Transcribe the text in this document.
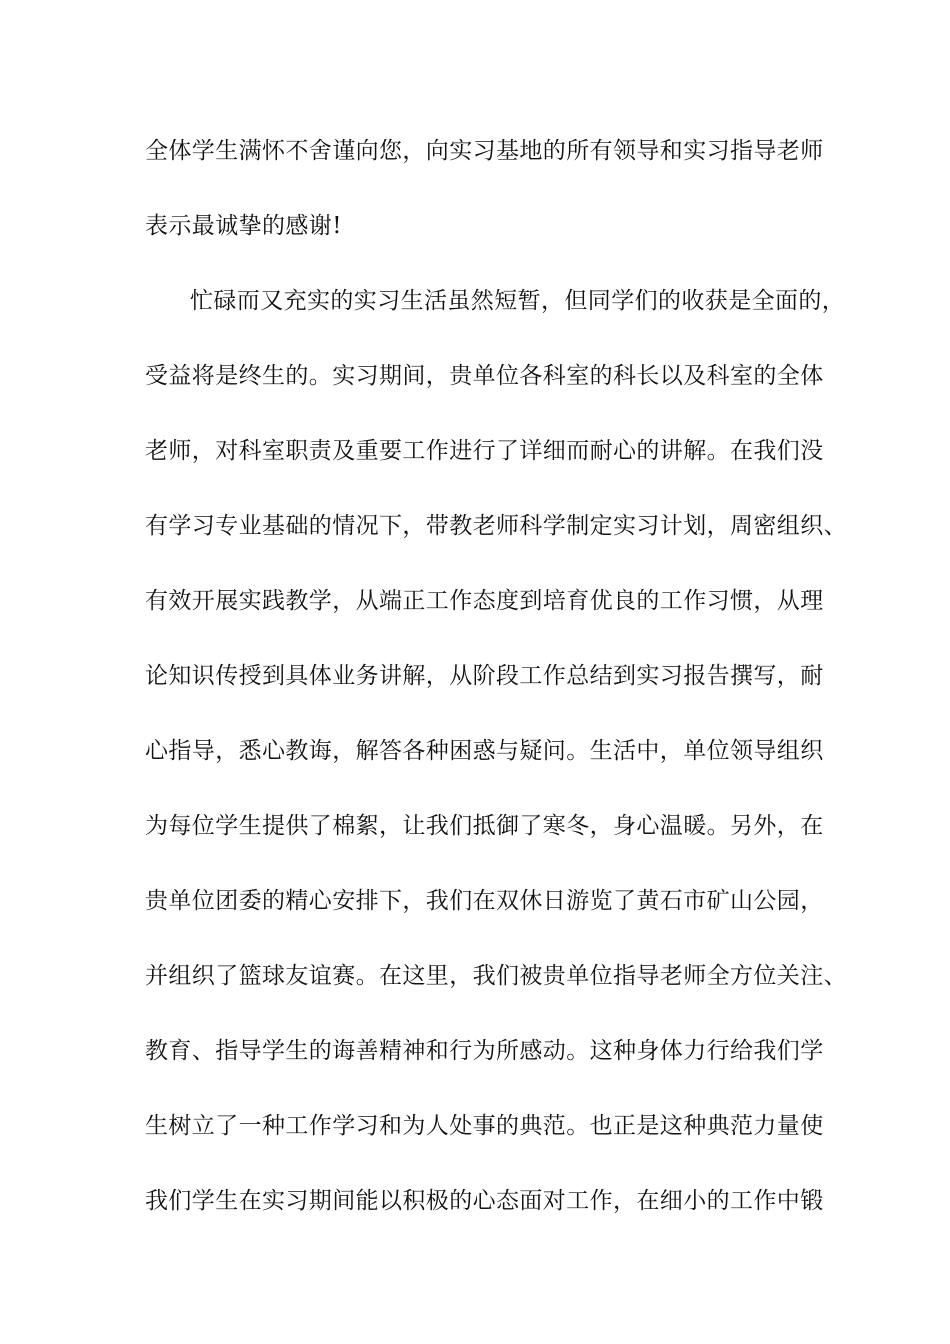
全体学生满怀不舍谨向您，向实习基地的所有领导和实习指导老师
表示最诚挚的感谢!
忙碌而又充实的实习生活虽然短暂，但同学们的收获是全面的，
受益将是终生的。实习期间，贵单位各科室的科长以及科室的全体
老师，对科室职责及重要工作进行了详细而耐心的讲解。在我们没
有学习专业基础的情况下，带教老师科学制定实习计划，周密组织、
有效开展实践教学，从端正工作态度到培育优良的工作习惯，从理
论知识传授到具体业务讲解，从阶段工作总结到实习报告撰写，耐
心指导，悉心教诲，解答各种困惑与疑问。生活中，单位领导组织
为每位学生提供了棉絮，让我们抵御了寒冬，身心温暖。另外，在
贵单位团委的精心安排下，我们在双休日游览了黄石市矿山公园，
并组织了篮球友谊赛。在这里，我们被贵单位指导老师全方位关注、
教育、指导学生的诲善精神和行为所感动。这种身体力行给我们学
生树立了一种工作学习和为人处事的典范。也正是这种典范力量使
我们学生在实习期间能以积极的心态面对工作，在细小的工作中锻
